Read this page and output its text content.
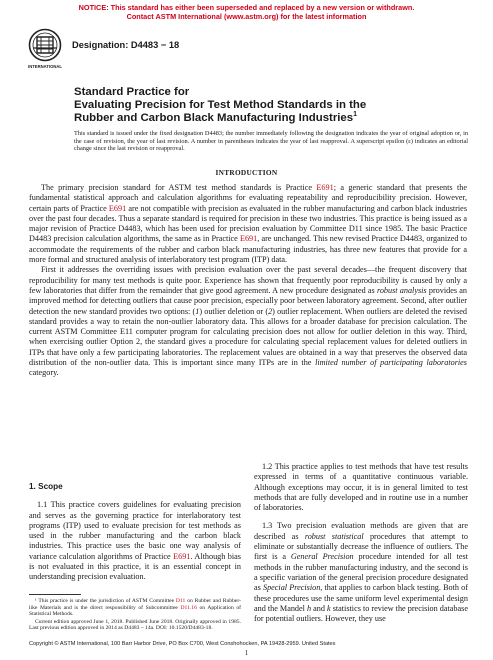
NOTICE: This standard has either been superseded and replaced by a new version or withdrawn.
Contact ASTM International (www.astm.org) for the latest information
INTERNATIONAL
Designation: D4483 − 18
Standard Practice for
Evaluating Precision for Test Method Standards in the
Rubber and Carbon Black Manufacturing Industries$^1$
This standard is issued under the fixed designation D4483; the number immediately following the designation indicates the year of original adoption or, in the case of revision, the year of last revision. A number in parentheses indicates the year of last reapproval. A superscript epsilon (ε) indicates an editorial change since the last revision or reapproval.
INTRODUCTION

The primary precision standard for ASTM test method standards is Practice E691; a generic standard that presents the fundamental statistical approach and calculation algorithms for evaluating repeatability and reproducibility precision. However, certain parts of Practice E691 are not compatible with precision as evaluated in the rubber manufacturing and carbon black industries over the past four decades. Thus a separate standard is required for precision in these two industries. This practice is being issued as a major revision of Practice D4483, which has been used for precision evaluation by Committee D11 since 1985. The basic Practice D4483 precision calculation algorithms, the same as in Practice E691, are unchanged. This new revised Practice D4483, organized to accommodate the requirements of the rubber and carbon black manufacturing industries, has three new features that provide for a more formal and structured analysis of interlaboratory test program (ITP) data.

First it addresses the overriding issues with precision evaluation over the past several decades—the frequent discovery that reproducibility for many test methods is quite poor. Experience has shown that frequently poor reproducibility is caused by only a few laboratories that differ from the remainder that give good agreement. A new procedure designated as robust analysis provides an improved method for detecting outliers that cause poor precision, especially poor between laboratory agreement. Second, after outlier detection the new standard provides two options: (1) outlier deletion or (2) outlier replacement. When outliers are deleted the revised standard provides a way to retain the non-outlier laboratory data. This allows for a broader database for precision calculation. The current ASTM Committee E11 computer program for calculating precision does not allow for outlier deletion in this way. Third, when exercising outlier Option 2, the standard gives a procedure for calculating special replacement values for deleted outliers in ITPs that have only a few participating laboratories. The replacement values are obtained in a way that preserves the observed data distribution of the non-outlier data. This is important since many ITPs are in the limited number of participating laboratories category.

1. Scope

1.1 This practice covers guidelines for evaluating precision and serves as the governing practice for interlaboratory test programs (ITP) used to evaluate precision for test methods as used in the rubber manufacturing and the carbon black industries. This practice uses the basic one way analysis of variance calculation algorithms of Practice E691. Although bias is not evaluated in this practice, it is an essential concept in understanding precision evaluation.

1.2 This practice applies to test methods that have test results expressed in terms of a quantitative continuous variable. Although exceptions may occur, it is in general limited to test methods that are fully developed and in routine use in a number of laboratories.

1.3 Two precision evaluation methods are given that are described as robust statistical procedures that attempt to eliminate or substantially decrease the influence of outliers. The first is a General Precision procedure intended for all test methods in the rubber manufacturing industry, and the second is a specific variation of the general precision procedure designated as Special Precision, that applies to carbon black testing. Both of these procedures use the same uniform level experimental design and the Mandel h and k statistics to review the precision database for potential outliers. However, they use

¹ This practice is under the jurisdiction of ASTM Committee D11 on Rubber and Rubber-like Materials and is the direct responsibility of Subcommittee D11.16 on Application of Statistical Methods.

Current edition approved June 1, 2018. Published June 2018. Originally approved in 1985. Last previous edition approved in 2014 as D4483 – 14a. DOI: 10.1520/D4483-18.

Copyright © ASTM International, 100 Barr Harbor Drive, PO Box C700, West Conshohocken, PA 19428-2959. United States
1
